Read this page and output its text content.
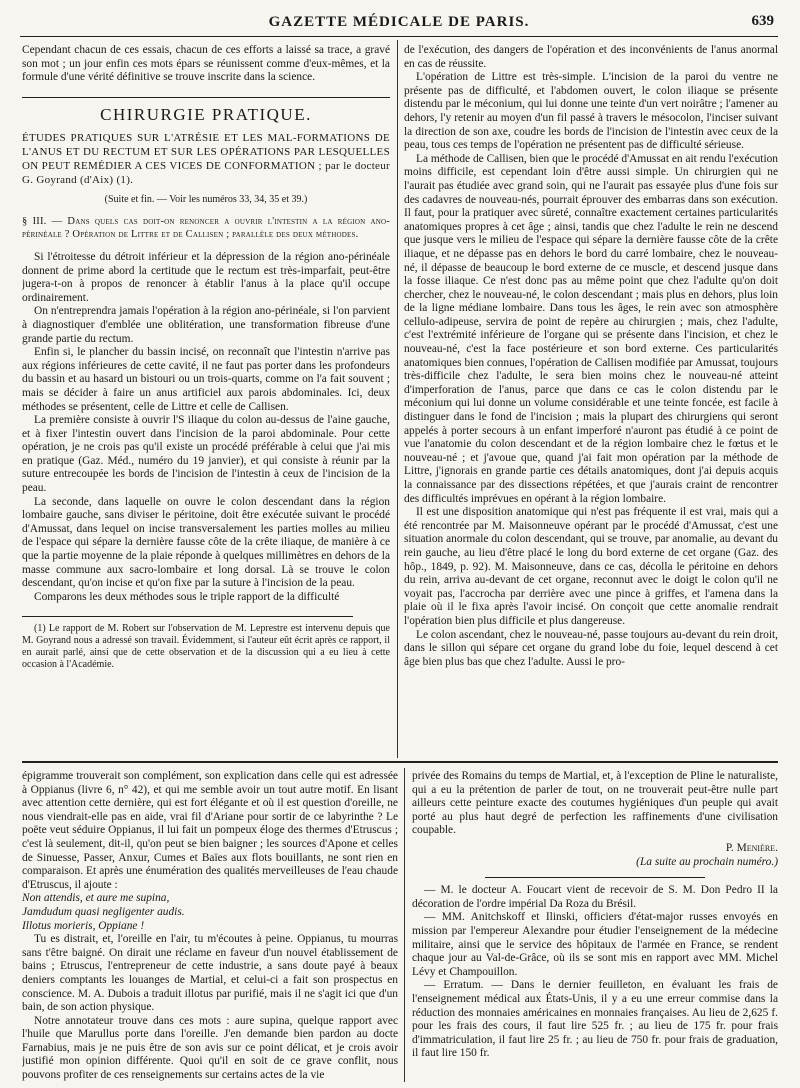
GAZETTE MÉDICALE DE PARIS.	639

Cependant chacun de ces essais, chacun de ces efforts a laissé sa trace, a gravé son mot ; un jour enfin ces mots épars se réunissent comme d'eux-mêmes, et la formule d'une vérité définitive se trouve inscrite dans la science.

CHIRURGIE PRATIQUE.
ÉTUDES PRATIQUES SUR L'ATRÉSIE ET LES MAL-FORMATIONS DE L'ANUS ET DU RECTUM ET SUR LES OPÉRATIONS PAR LESQUELLES ON PEUT REMÉDIER A CES VICES DE CONFORMATION ; par le docteur G. Goyrand (d'Aix) (1).
(Suite et fin. — Voir les numéros 33, 34, 35 et 39.)
§ III. — Dans quels cas doit-on renoncer a ouvrir l'intestin a la région ano-périnéale ? Opération de Littre et de Callisen ; parallèle des deux méthodes.

Si l'étroitesse du détroit inférieur et la dépression de la région ano-périnéale donnent de prime abord la certitude que le rectum est très-imparfait, peut-être jugera-t-on à propos de renoncer à établir l'anus à la place qu'il occupe ordinairement.

On n'entreprendra jamais l'opération à la région ano-périnéale, si l'on parvient à diagnostiquer d'emblée une oblitération, une transformation fibreuse d'une grande partie du rectum.

Enfin si, le plancher du bassin incisé, on reconnaît que l'intestin n'arrive pas aux régions inférieures de cette cavité, il ne faut pas porter dans les profondeurs du bassin et au hasard un bistouri ou un trois-quarts, comme on l'a fait souvent ; mais se décider à faire un anus artificiel aux parois abdominales. Ici, deux méthodes se présentent, celle de Littre et celle de Callisen.

La première consiste à ouvrir l'S iliaque du colon au-dessus de l'aine gauche, et à fixer l'intestin ouvert dans l'incision de la paroi abdominale. Pour cette opération, je ne crois pas qu'il existe un procédé préférable à celui que j'ai mis en pratique (Gaz. Méd., numéro du 19 janvier), et qui consiste à réunir par la suture entrecoupée les bords de l'incision de l'intestin à ceux de l'incision de la peau.

La seconde, dans laquelle on ouvre le colon descendant dans la région lombaire gauche, sans diviser le péritoine, doit être exécutée suivant le procédé d'Amussat, dans lequel on incise transversalement les parties molles au milieu de l'espace qui sépare la dernière fausse côte de la crête iliaque, de manière à ce que la partie moyenne de la plaie réponde à quelques millimètres en dehors de la masse commune aux sacro-lombaire et long dorsal. Là se trouve le colon descendant, qu'on incise et qu'on fixe par la suture à l'incision de la peau.

Comparons les deux méthodes sous le triple rapport de la difficulté

(1) Le rapport de M. Robert sur l'observation de M. Leprestre est intervenu depuis que M. Goyrand nous a adressé son travail. Évidemment, si l'auteur eût écrit après ce rapport, il en aurait parlé, ainsi que de cette observation et de la discussion qui a eu lieu à cette occasion à l'Académie.

de l'exécution, des dangers de l'opération et des inconvénients de l'anus anormal en cas de réussite.

L'opération de Littre est très-simple. L'incision de la paroi du ventre ne présente pas de difficulté, et l'abdomen ouvert, le colon iliaque se présente distendu par le méconium, qui lui donne une teinte d'un vert noirâtre ; l'amener au dehors, l'y retenir au moyen d'un fil passé à travers le mésocolon, l'inciser suivant la direction de son axe, coudre les bords de l'incision de l'intestin avec ceux de la peau, tous ces temps de l'opération ne présentent pas de difficulté sérieuse.

La méthode de Callisen, bien que le procédé d'Amussat en ait rendu l'exécution moins difficile, est cependant loin d'être aussi simple. Un chirurgien qui ne l'aurait pas étudiée avec grand soin, qui ne l'aurait pas essayée plus d'une fois sur des cadavres de nouveau-nés, pourrait éprouver des embarras dans son exécution. Il faut, pour la pratiquer avec sûreté, connaître exactement certaines particularités anatomiques propres à cet âge ; ainsi, tandis que chez l'adulte le rein ne descend que jusque vers le milieu de l'espace qui sépare la dernière fausse côte de la crête iliaque, et ne dépasse pas en dehors le bord du carré lombaire, chez le nouveau-né, il dépasse de beaucoup le bord externe de ce muscle, et descend jusque dans la fosse iliaque. Ce n'est donc pas au même point que chez l'adulte qu'on doit chercher, chez le nouveau-né, le colon descendant ; mais plus en dehors, plus loin de la ligne médiane lombaire. Dans tous les âges, le rein avec son atmosphère cellulo-adipeuse, servira de point de repère au chirurgien ; mais, chez l'adulte, c'est l'extrémité inférieure de l'organe qui se présente dans l'incision, et chez le nouveau-né, c'est la face postérieure et son bord externe. Ces particularités anatomiques bien connues, l'opération de Callisen modifiée par Amussat, toujours très-difficile chez l'adulte, le sera bien moins chez le nouveau-né atteint d'imperforation de l'anus, parce que dans ce cas le colon distendu par le méconium qui lui donne un volume considérable et une teinte foncée, est facile à distinguer dans le fond de l'incision ; mais la plupart des chirurgiens qui seront appelés à porter secours à un enfant imperforé n'auront pas étudié à ce point de vue l'anatomie du colon descendant et de la région lombaire chez le fœtus et le nouveau-né ; et j'avoue que, quand j'ai fait mon opération par la méthode de Littre, j'ignorais en grande partie ces détails anatomiques, dont j'ai depuis acquis la connaissance par des dissections répétées, et que j'aurais craint de rencontrer des difficultés imprévues en opérant à la région lombaire.

Il est une disposition anatomique qui n'est pas fréquente il est vrai, mais qui a été rencontrée par M. Maisonneuve opérant par le procédé d'Amussat, c'est une situation anormale du colon descendant, qui se trouve, par anomalie, au devant du rein gauche, au lieu d'être placé le long du bord externe de cet organe (Gaz. des hôp., 1849, p. 92). M. Maisonneuve, dans ce cas, décolla le péritoine en dehors du rein, arriva au-devant de cet organe, reconnut avec le doigt le colon qu'il ne voyait pas, l'accrocha par derrière avec une pince à griffes, et l'amena dans la plaie où il le fixa après l'avoir incisé. On conçoit que cette anomalie rendrait l'opération bien plus difficile et plus dangereuse.

Le colon ascendant, chez le nouveau-né, passe toujours au-devant du rein droit, dans le sillon qui sépare cet organe du grand lobe du foie, lequel descend à cet âge bien plus bas que chez l'adulte. Aussi le pro-

épigramme trouverait son complément, son explication dans celle qui est adressée à Oppianus (livre 6, n° 42), et qui me semble avoir un tout autre motif. En lisant avec attention cette dernière, qui est fort élégante et où il est question d'oreille, ne nous viendrait-elle pas en aide, vrai fil d'Ariane pour sortir de ce labyrinthe ? Le poëte veut séduire Oppianus, il lui fait un pompeux éloge des thermes d'Etruscus ; c'est là seulement, dit-il, qu'on peut se bien baigner ; les sources d'Apone et celles de Sinuesse, Passer, Anxur, Cumes et Baïes aux flots bouillants, ne sont rien en comparaison. Et après une énumération des qualités merveilleuses de l'eau chaude d'Etruscus, il ajoute :

Non attendis, et aure me supina,

Jamdudum quasi negligenter audis.

Illotus morieris, Oppiane !

Tu es distrait, et, l'oreille en l'air, tu m'écoutes à peine. Oppianus, tu mourras sans t'être baigné. On dirait une réclame en faveur d'un nouvel établissement de bains ; Etruscus, l'entrepreneur de cette industrie, a sans doute payé à beaux deniers comptants les louanges de Martial, et celui-ci a fait son prospectus en conscience. M. A. Dubois a traduit illotus par purifié, mais il ne s'agit ici que d'un bain, de son action physique.

Notre annotateur trouve dans ces mots : aure supina, quelque rapport avec l'huile que Marullus porte dans l'oreille. J'en demande bien pardon au docte Farnabius, mais je ne puis être de son avis sur ce point délicat, et je crois avoir justifié mon opinion différente. Quoi qu'il en soit de ce grave conflit, nous pouvons profiter de ces renseignements sur certains actes de la vie

privée des Romains du temps de Martial, et, à l'exception de Pline le naturaliste, qui a eu la prétention de parler de tout, on ne trouverait peut-être nulle part ailleurs cette peinture exacte des coutumes hygiéniques d'un peuple qui avait porté au plus haut degré de perfection les raffinements d'une civilisation coupable.

P. Menière.
(La suite au prochain numéro.)

— M. le docteur A. Foucart vient de recevoir de S. M. Don Pedro II la décoration de l'ordre impérial Da Roza du Brésil.

— MM. Anitchskoff et Ilinski, officiers d'état-major russes envoyés en mission par l'empereur Alexandre pour étudier l'enseignement de la médecine militaire, ainsi que le service des hôpitaux de l'armée en France, se rendent chaque jour au Val-de-Grâce, où ils se sont mis en rapport avec MM. Michel Lévy et Champouillon.

— Erratum. — Dans le dernier feuilleton, en évaluant les frais de l'enseignement médical aux États-Unis, il y a eu une erreur commise dans la réduction des monnaies américaines en monnaies françaises. Au lieu de 2,625 f. pour les frais des cours, il faut lire 525 fr. ; au lieu de 175 fr. pour frais d'immatriculation, il faut lire 25 fr. ; au lieu de 750 fr. pour frais de graduation, il faut lire 150 fr.
